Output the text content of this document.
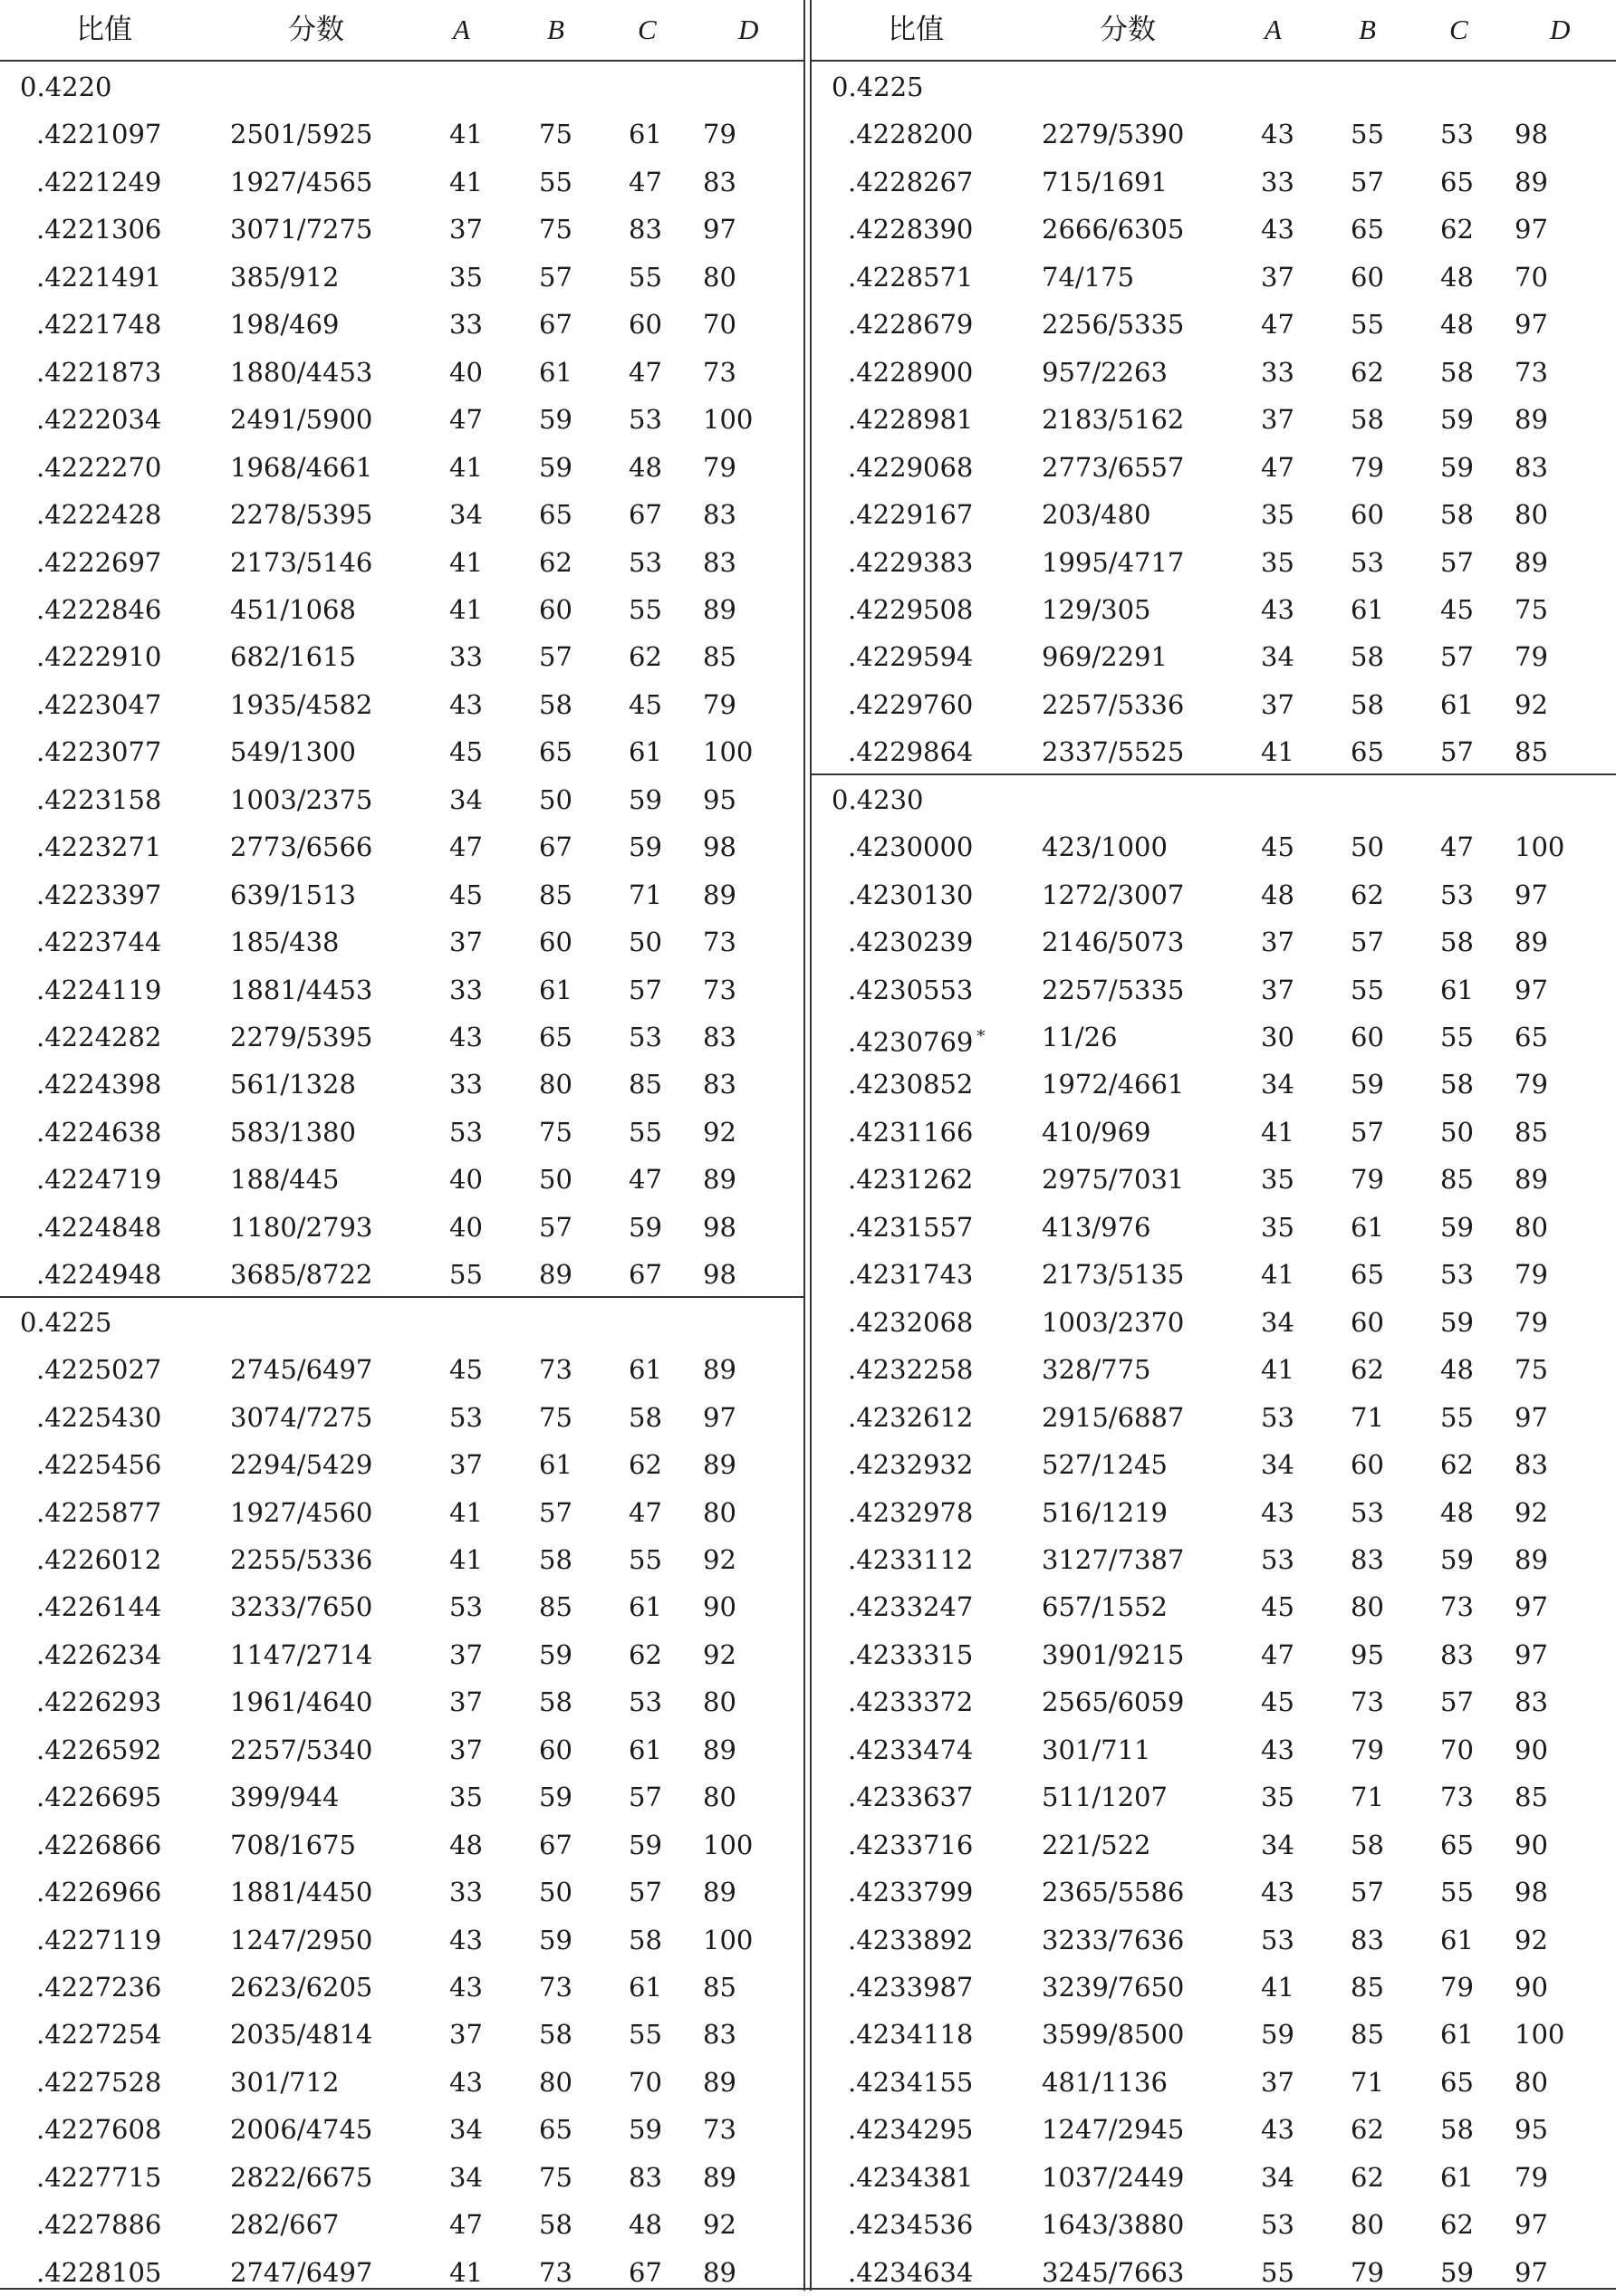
比值	分数	A	B	C	D
0.4220
.4221097	2501/5925	41 75 61 79
.4221249	1927/4565	41 55 47 83
.4221306	3071/7275	37 75 83 97
.4221491	385/912	35 57 55 80
.4221748	198/469	33 67 60 70
.4221873	1880/4453	40 61 47 73
.4222034	2491/5900	47 59 53 100
.4222270	1968/4661	41 59 48 79
.4222428	2278/5395	34 65 67 83
.4222697	2173/5146	41 62 53 83
.4222846	451/1068	41 60 55 89
.4222910	682/1615	33 57 62 85
.4223047	1935/4582	43 58 45 79
.4223077	549/1300	45 65 61 100
.4223158	1003/2375	34 50 59 95
.4223271	2773/6566	47 67 59 98
.4223397	639/1513	45 85 71 89
.4223744	185/438	37 60 50 73
.4224119	1881/4453	33 61 57 73
.4224282	2279/5395	43 65 53 83
.4224398	561/1328	33 80 85 83
.4224638	583/1380	53 75 55 92
.4224719	188/445	40 50 47 89
.4224848	1180/2793	40 57 59 98
.4224948	3685/8722	55 89 67 98
0.4225
.4225027	2745/6497	45 73 61 89
.4225430	3074/7275	53 75 58 97
.4225456	2294/5429	37 61 62 89
.4225877	1927/4560	41 57 47 80
.4226012	2255/5336	41 58 55 92
.4226144	3233/7650	53 85 61 90
.4226234	1147/2714	37 59 62 92
.4226293	1961/4640	37 58 53 80
.4226592	2257/5340	37 60 61 89
.4226695	399/944	35 59 57 80
.4226866	708/1675	48 67 59 100
.4226966	1881/4450	33 50 57 89
.4227119	1247/2950	43 59 58 100
.4227236	2623/6205	43 73 61 85
.4227254	2035/4814	37 58 55 83
.4227528	301/712	43 80 70 89
.4227608	2006/4745	34 65 59 73
.4227715	2822/6675	34 75 83 89
.4227886	282/667	47 58 48 92
.4228105	2747/6497	41 73 67 89
比值	分数	A	B	C	D
0.4225
.4228200	2279/5390	43 55 53 98
.4228267	715/1691	33 57 65 89
.4228390	2666/6305	43 65 62 97
.4228571	74/175	37 60 48 70
.4228679	2256/5335	47 55 48 97
.4228900	957/2263	33 62 58 73
.4228981	2183/5162	37 58 59 89
.4229068	2773/6557	47 79 59 83
.4229167	203/480	35 60 58 80
.4229383	1995/4717	35 53 57 89
.4229508	129/305	43 61 45 75
.4229594	969/2291	34 58 57 79
.4229760	2257/5336	37 58 61 92
.4229864	2337/5525	41 65 57 85
0.4230
.4230000	423/1000	45 50 47 100
.4230130	1272/3007	48 62 53 97
.4230239	2146/5073	37 57 58 89
.4230553	2257/5335	37 55 61 97
.4230769 * 11/26	30 60 55 65
.4230852	1972/4661	34 59 58 79
.4231166	410/969	41 57 50 85
.4231262	2975/7031	35 79 85 89
.4231557	413/976	35 61 59 80
.4231743	2173/5135	41 65 53 79
.4232068	1003/2370	34 60 59 79
.4232258	328/775	41 62 48 75
.4232612	2915/6887	53 71 55 97
.4232932	527/1245	34 60 62 83
.4232978	516/1219	43 53 48 92
.4233112	3127/7387	53 83 59 89
.4233247	657/1552	45 80 73 97
.4233315	3901/9215	47 95 83 97
.4233372	2565/6059	45 73 57 83
.4233474	301/711	43 79 70 90
.4233637	511/1207	35 71 73 85
.4233716	221/522	34 58 65 90
.4233799	2365/5586	43 57 55 98
.4233892	3233/7636	53 83 61 92
.4233987	3239/7650	41 85 79 90
.4234118	3599/8500	59 85 61 100
.4234155	481/1136	37 71 65 80
.4234295	1247/2945	43 62 58 95
.4234381	1037/2449	34 62 61 79
.4234536	1643/3880	53 80 62 97
.4234634	3245/7663	55 79 59 97
